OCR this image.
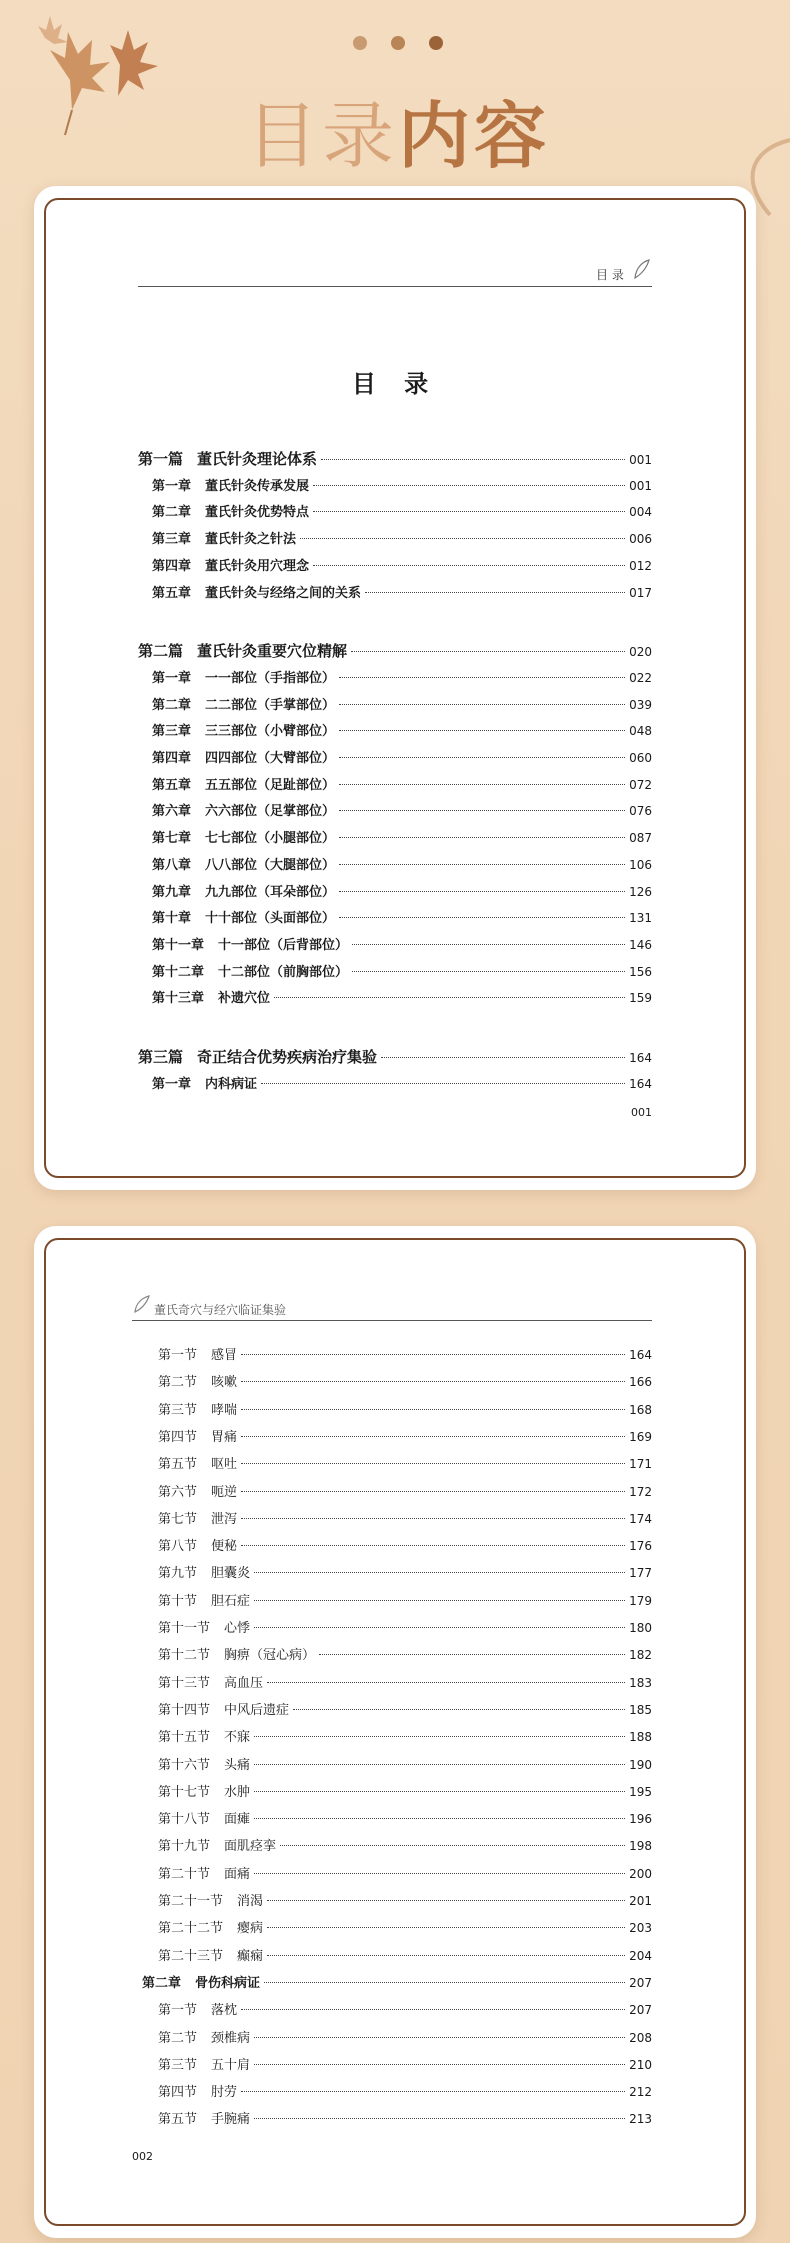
目录内容
目 录
目 录
第一篇 董氏针灸理论体系	001
第一章 董氏针灸传承发展	001
第二章 董氏针灸优势特点	004
第三章 董氏针灸之针法	006
第四章 董氏针灸用穴理念	012
第五章 董氏针灸与经络之间的关系	017
第二篇 董氏针灸重要穴位精解	020
第一章 一一部位（手指部位）	022
第二章 二二部位（手掌部位）	039
第三章 三三部位（小臂部位）	048
第四章 四四部位（大臂部位）	060
第五章 五五部位（足趾部位）	072
第六章 六六部位（足掌部位）	076
第七章 七七部位（小腿部位）	087
第八章 八八部位（大腿部位）	106
第九章 九九部位（耳朵部位）	126
第十章 十十部位（头面部位）	131
第十一章 十一部位（后背部位）	146
第十二章 十二部位（前胸部位）	156
第十三章 补遗穴位	159
第三篇 奇正结合优势疾病治疗集验	164
第一章 内科病证	164
001
董氏奇穴与经穴临证集验
第一节 感冒	164
第二节 咳嗽	166
第三节 哮喘	168
第四节 胃痛	169
第五节 呕吐	171
第六节 呃逆	172
第七节 泄泻	174
第八节 便秘	176
第九节 胆囊炎	177
第十节 胆石症	179
第十一节 心悸	180
第十二节 胸痹（冠心病）	182
第十三节 高血压	183
第十四节 中风后遗症	185
第十五节 不寐	188
第十六节 头痛	190
第十七节 水肿	195
第十八节 面瘫	196
第十九节 面肌痉挛	198
第二十节 面痛	200
第二十一节 消渴	201
第二十二节 瘿病	203
第二十三节 癫痫	204
第二章 骨伤科病证	207
第一节 落枕	207
第二节 颈椎病	208
第三节 五十肩	210
第四节 肘劳	212
第五节 手腕痛	213
002
